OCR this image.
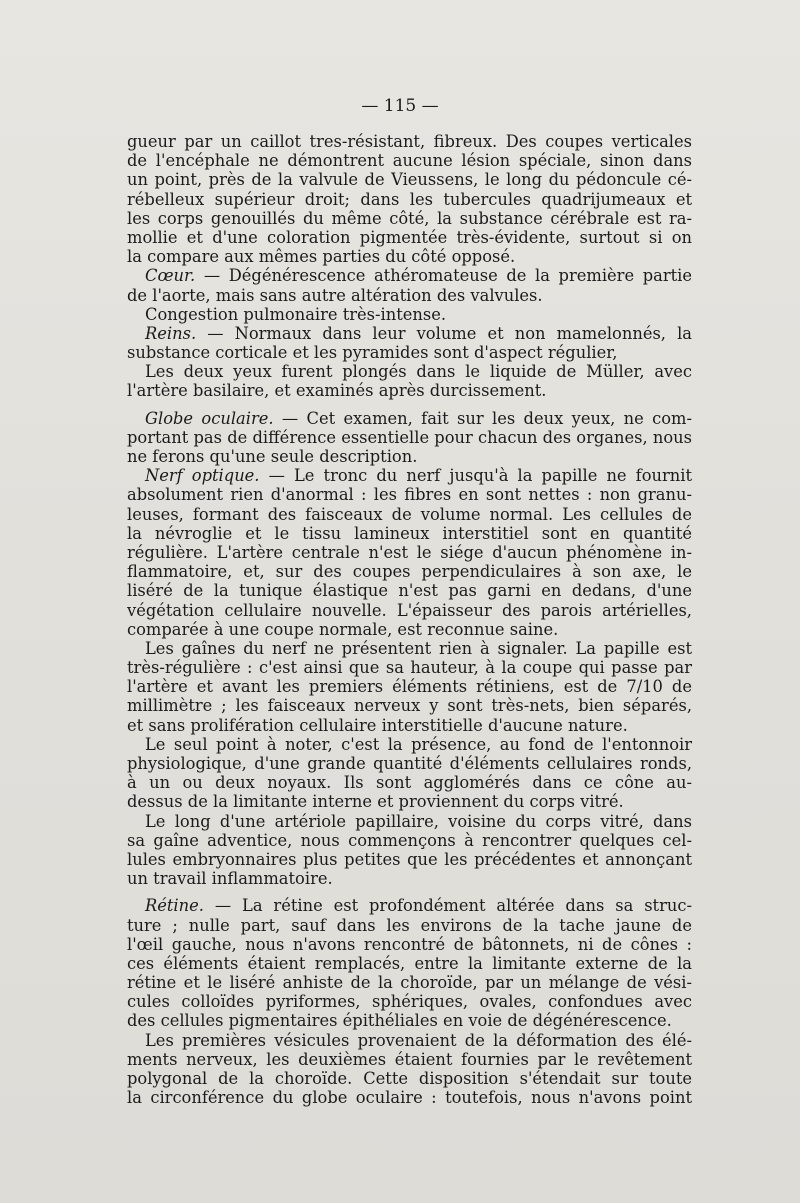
— 115 —
gueur par un caillot tres-résistant, fibreux. Des coupes verticales
de l'encéphale ne démontrent aucune lésion spéciale, sinon dans
un point, près de la valvule de Vieussens, le long du pédoncule cé-
rébelleux supérieur droit; dans les tubercules quadrijumeaux et
les corps genouillés du même côté, la substance cérébrale est ra-
mollie et d'une coloration pigmentée très-évidente, surtout si on
la compare aux mêmes parties du côté opposé.
Cœur. — Dégénérescence athéromateuse de la première partie
de l'aorte, mais sans autre altération des valvules.
Congestion pulmonaire très-intense.
Reins. — Normaux dans leur volume et non mamelonnés, la
substance corticale et les pyramides sont d'aspect régulier,
Les deux yeux furent plongés dans le liquide de Müller, avec
l'artère basilaire, et examinés après durcissement.
Globe oculaire. — Cet examen, fait sur les deux yeux, ne com-
portant pas de différence essentielle pour chacun des organes, nous
ne ferons qu'une seule description.
Nerf optique. — Le tronc du nerf jusqu'à la papille ne fournit
absolument rien d'anormal : les fibres en sont nettes : non granu-
leuses, formant des faisceaux de volume normal. Les cellules de
la névroglie et le tissu lamineux interstitiel sont en quantité
régulière. L'artère centrale n'est le siége d'aucun phénomène in-
flammatoire, et, sur des coupes perpendiculaires à son axe, le
liséré de la tunique élastique n'est pas garni en dedans, d'une
végétation cellulaire nouvelle. L'épaisseur des parois artérielles,
comparée à une coupe normale, est reconnue saine.
Les gaînes du nerf ne présentent rien à signaler. La papille est
très-régulière : c'est ainsi que sa hauteur, à la coupe qui passe par
l'artère et avant les premiers éléments rétiniens, est de 7/10 de
millimètre ; les faisceaux nerveux y sont très-nets, bien séparés,
et sans prolifération cellulaire interstitielle d'aucune nature.
Le seul point à noter, c'est la présence, au fond de l'entonnoir
physiologique, d'une grande quantité d'éléments cellulaires ronds,
à un ou deux noyaux. Ils sont agglomérés dans ce cône au-
dessus de la limitante interne et proviennent du corps vitré.
Le long d'une artériole papillaire, voisine du corps vitré, dans
sa gaîne adventice, nous commençons à rencontrer quelques cel-
lules embryonnaires plus petites que les précédentes et annonçant
un travail inflammatoire.
Rétine. — La rétine est profondément altérée dans sa struc-
ture ; nulle part, sauf dans les environs de la tache jaune de
l'œil gauche, nous n'avons rencontré de bâtonnets, ni de cônes :
ces éléments étaient remplacés, entre la limitante externe de la
rétine et le liséré anhiste de la choroïde, par un mélange de vési-
cules colloïdes pyriformes, sphériques, ovales, confondues avec
des cellules pigmentaires épithéliales en voie de dégénérescence.
Les premières vésicules provenaient de la déformation des élé-
ments nerveux, les deuxièmes étaient fournies par le revêtement
polygonal de la choroïde. Cette disposition s'étendait sur toute
la circonférence du globe oculaire : toutefois, nous n'avons point
